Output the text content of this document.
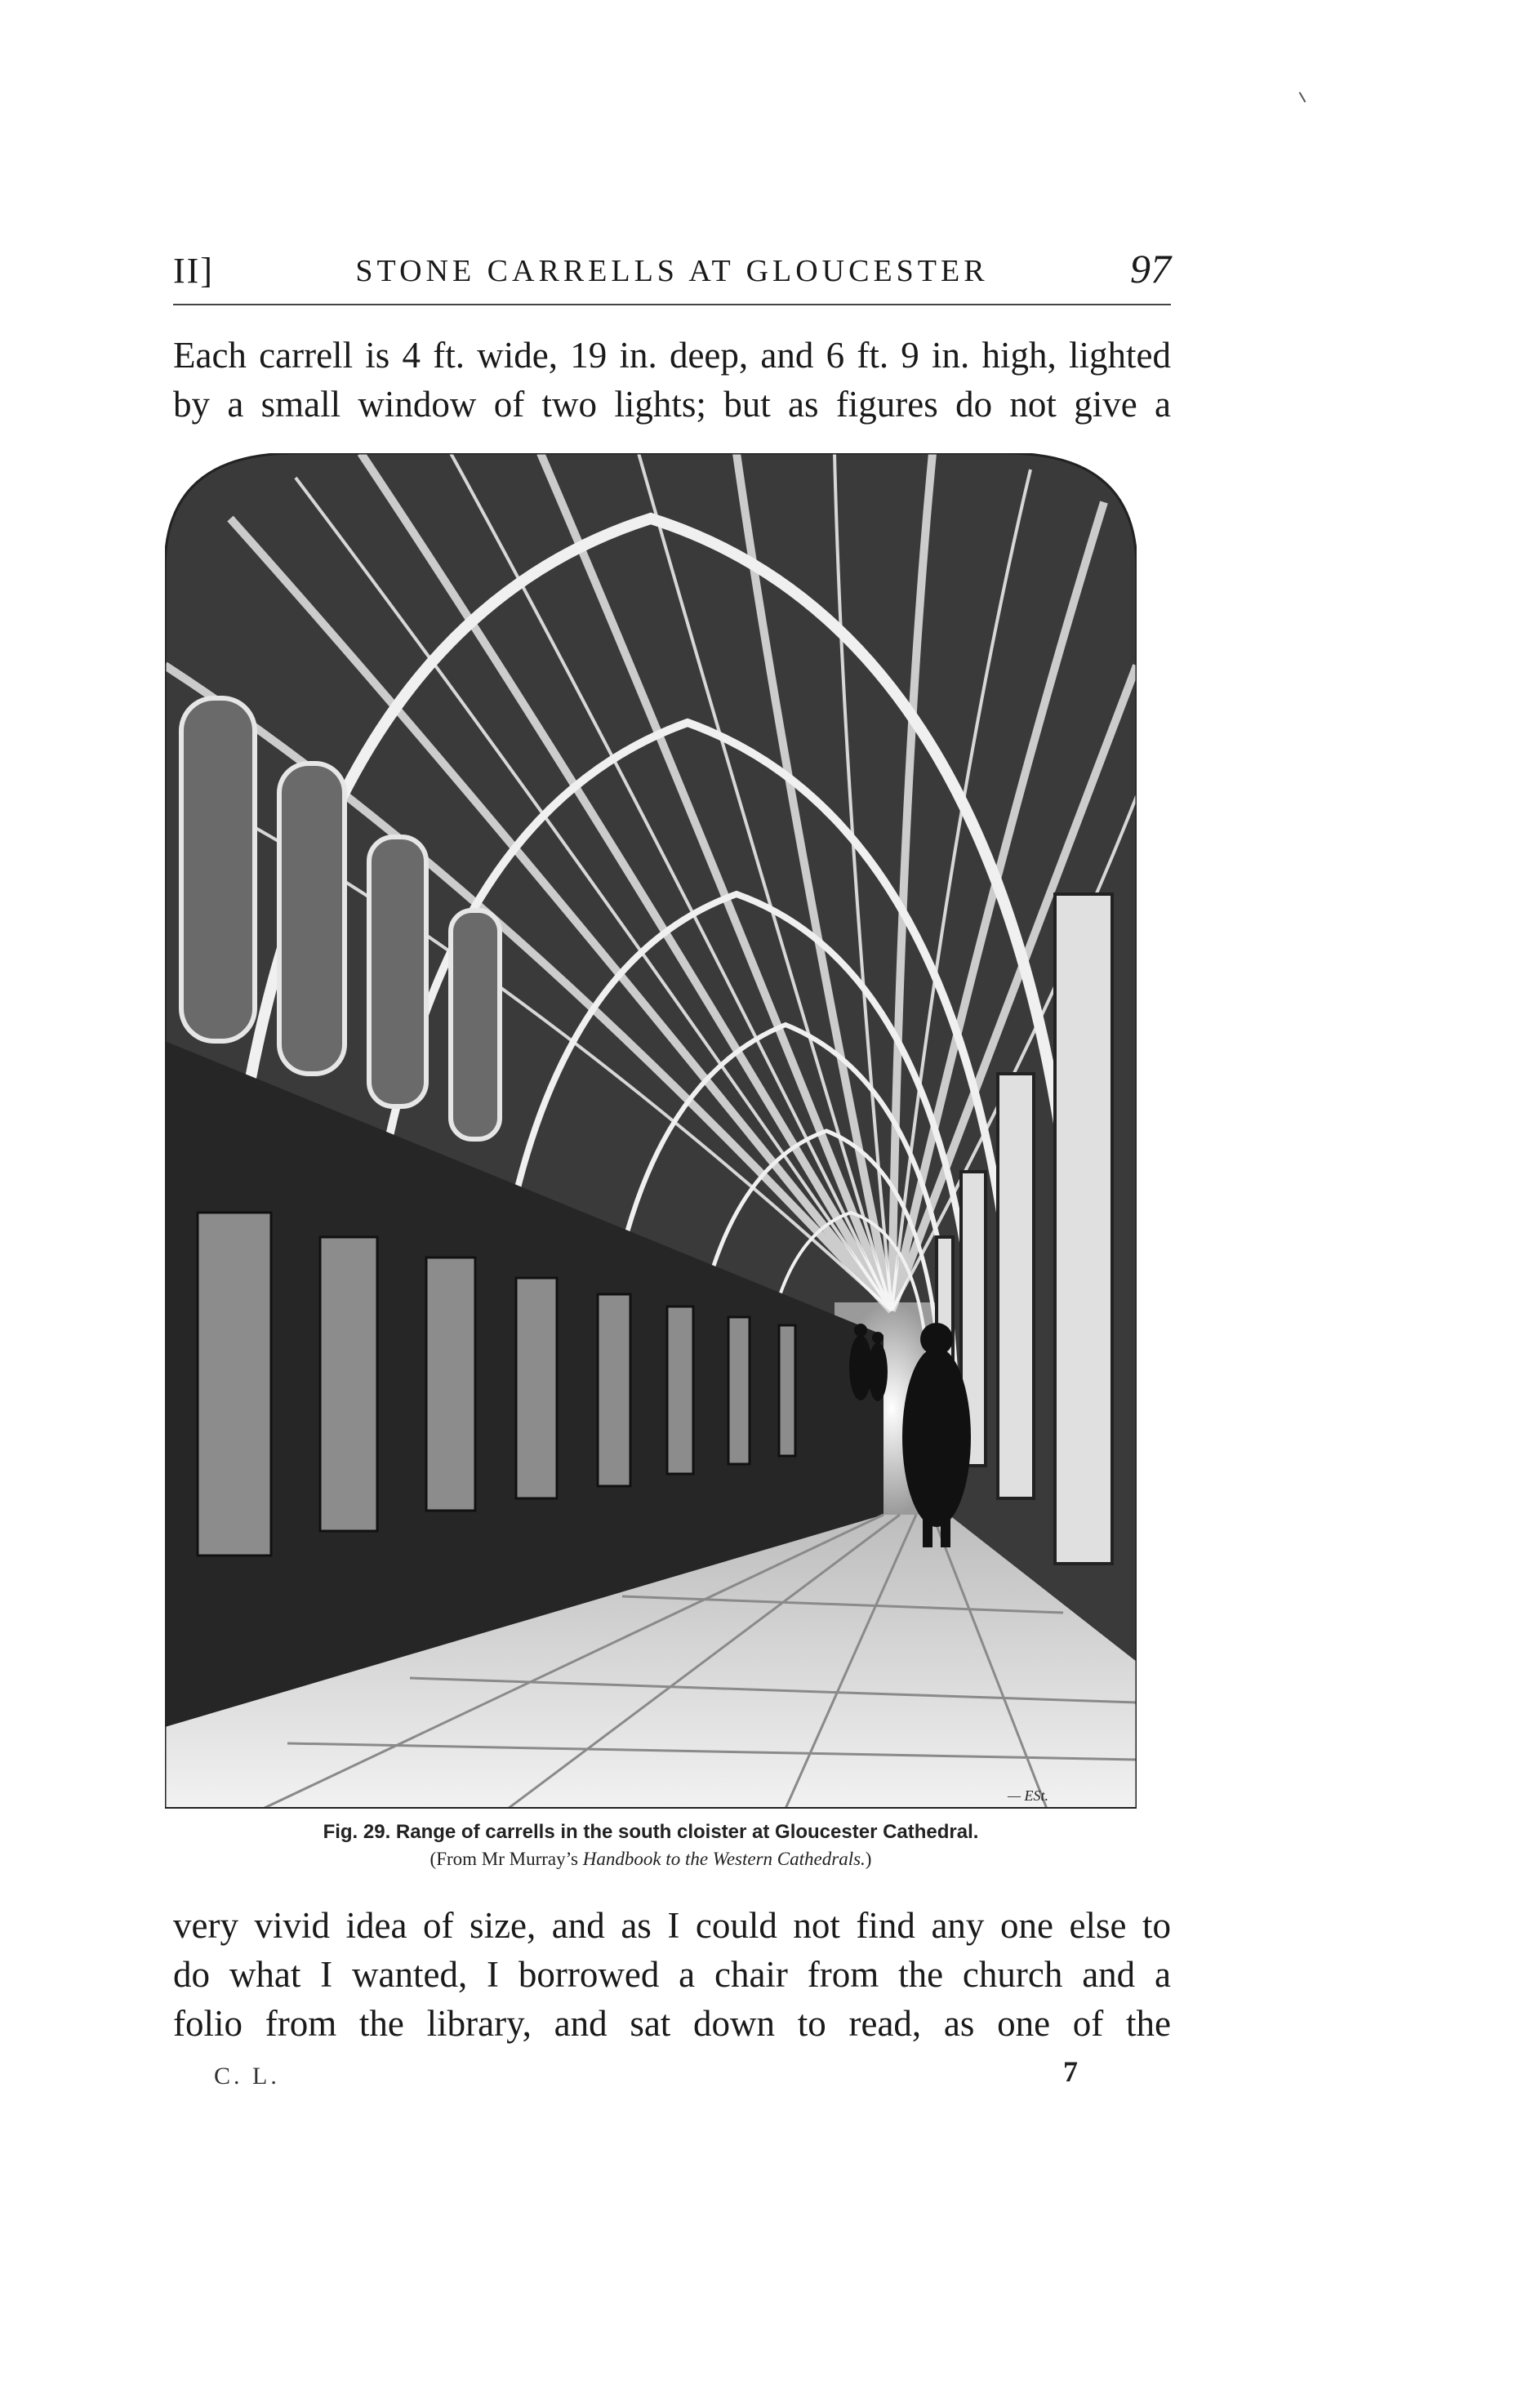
II]	STONE CARRELLS AT GLOUCESTER	97
Each carrell is 4 ft. wide, 19 in. deep, and 6 ft. 9 in. high, lighted
by a small window of two lights; but as figures do not give a
— ESt.
Fig. 29. Range of carrells in the south cloister at Gloucester Cathedral.
(From Mr Murray’s Handbook to the Western Cathedrals.)
very vivid idea of size, and as I could not find any one else to
do what I wanted, I borrowed a chair from the church and a
folio from the library, and sat down to read, as one of the
C. L.	7
